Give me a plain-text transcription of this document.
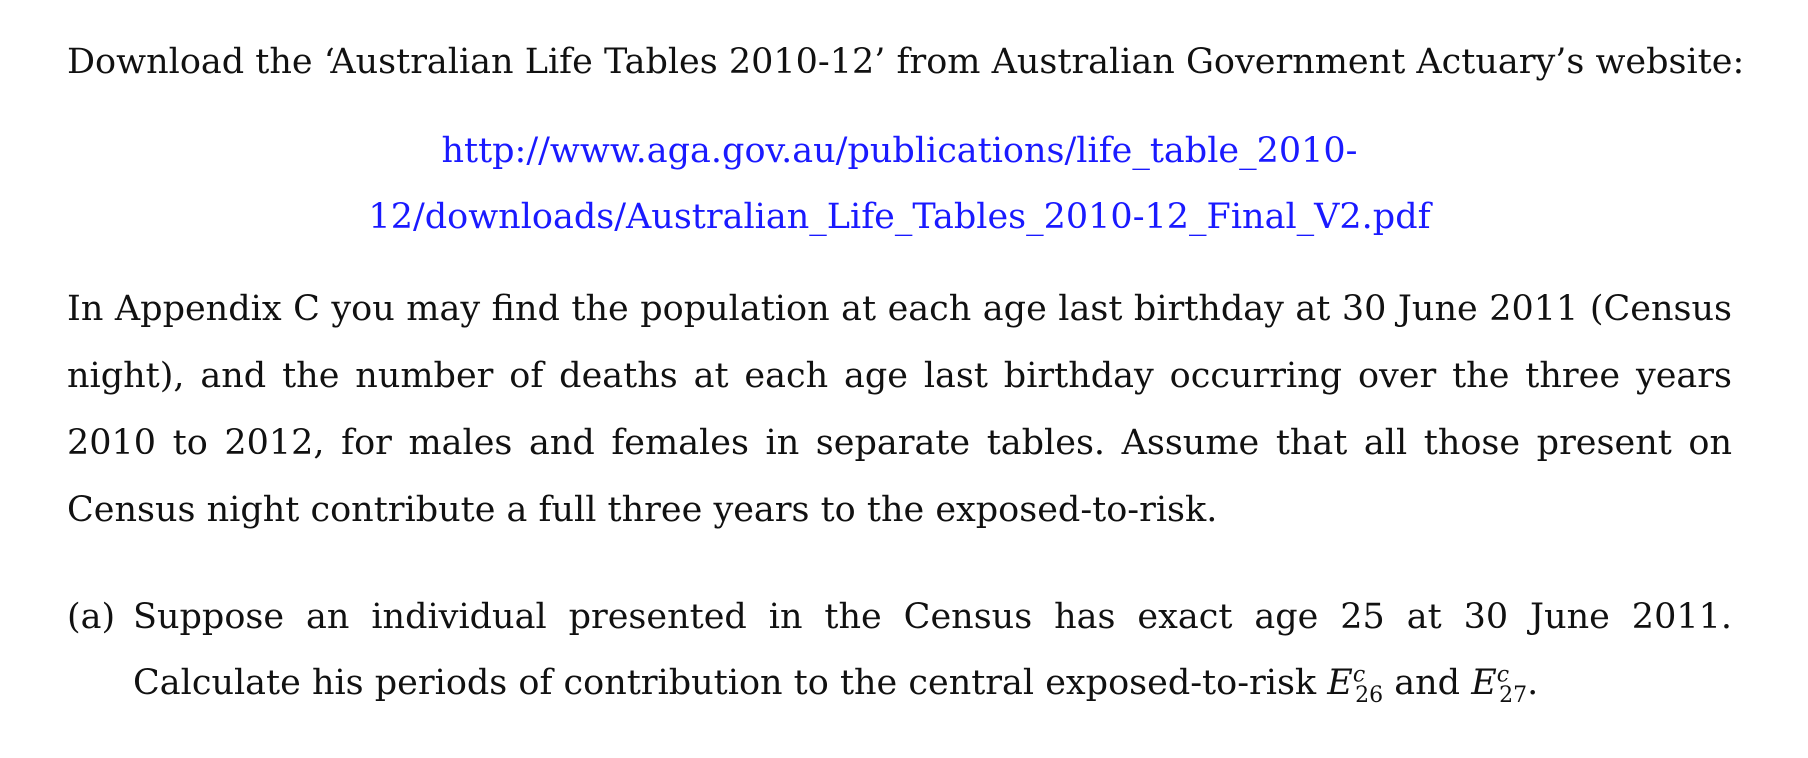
Download the ‘Australian Life Tables 2010-12’ from Australian Government Actuary’s website:

http://www.aga.gov.au/publications/life_table_2010-
12/downloads/Australian_Life_Tables_2010-12_Final_V2.pdf

In Appendix C you may find the population at each age last birthday at 30 June 2011 (Census night), and the number of deaths at each age last birthday occurring over the three years 2010 to 2012, for males and females in separate tables. Assume that all those present on Census night contribute a full three years to the exposed-to-risk.

(a) Suppose an individual presented in the Census has exact age 25 at 30 June 2011. Calculate his periods of contribution to the central exposed-to-risk $E^c_{26}$ and $E^c_{27}$.
